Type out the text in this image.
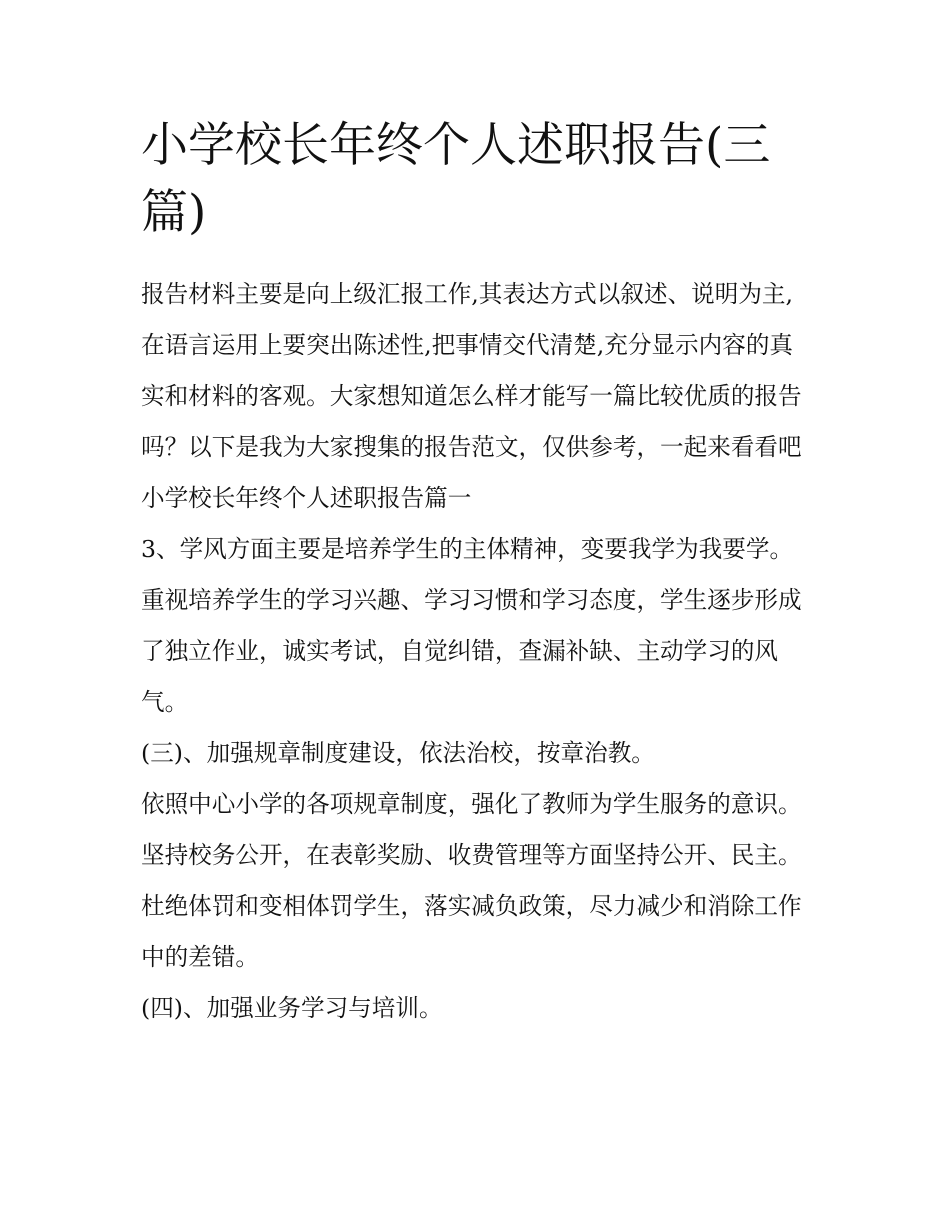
小学校长年终个人述职报告(三篇)

报告材料主要是向上级汇报工作,其表达方式以叙述、说明为主,在语言运用上要突出陈述性,把事情交代清楚,充分显示内容的真实和材料的客观。大家想知道怎么样才能写一篇比较优质的报告吗？以下是我为大家搜集的报告范文，仅供参考，一起来看看吧

小学校长年终个人述职报告篇一

3、学风方面主要是培养学生的主体精神，变要我学为我要学。重视培养学生的学习兴趣、学习习惯和学习态度，学生逐步形成了独立作业，诚实考试，自觉纠错，查漏补缺、主动学习的风气。

(三)、加强规章制度建设，依法治校，按章治教。

依照中心小学的各项规章制度，强化了教师为学生服务的意识。坚持校务公开，在表彰奖励、收费管理等方面坚持公开、民主。杜绝体罚和变相体罚学生，落实减负政策，尽力减少和消除工作中的差错。

(四)、加强业务学习与培训。
